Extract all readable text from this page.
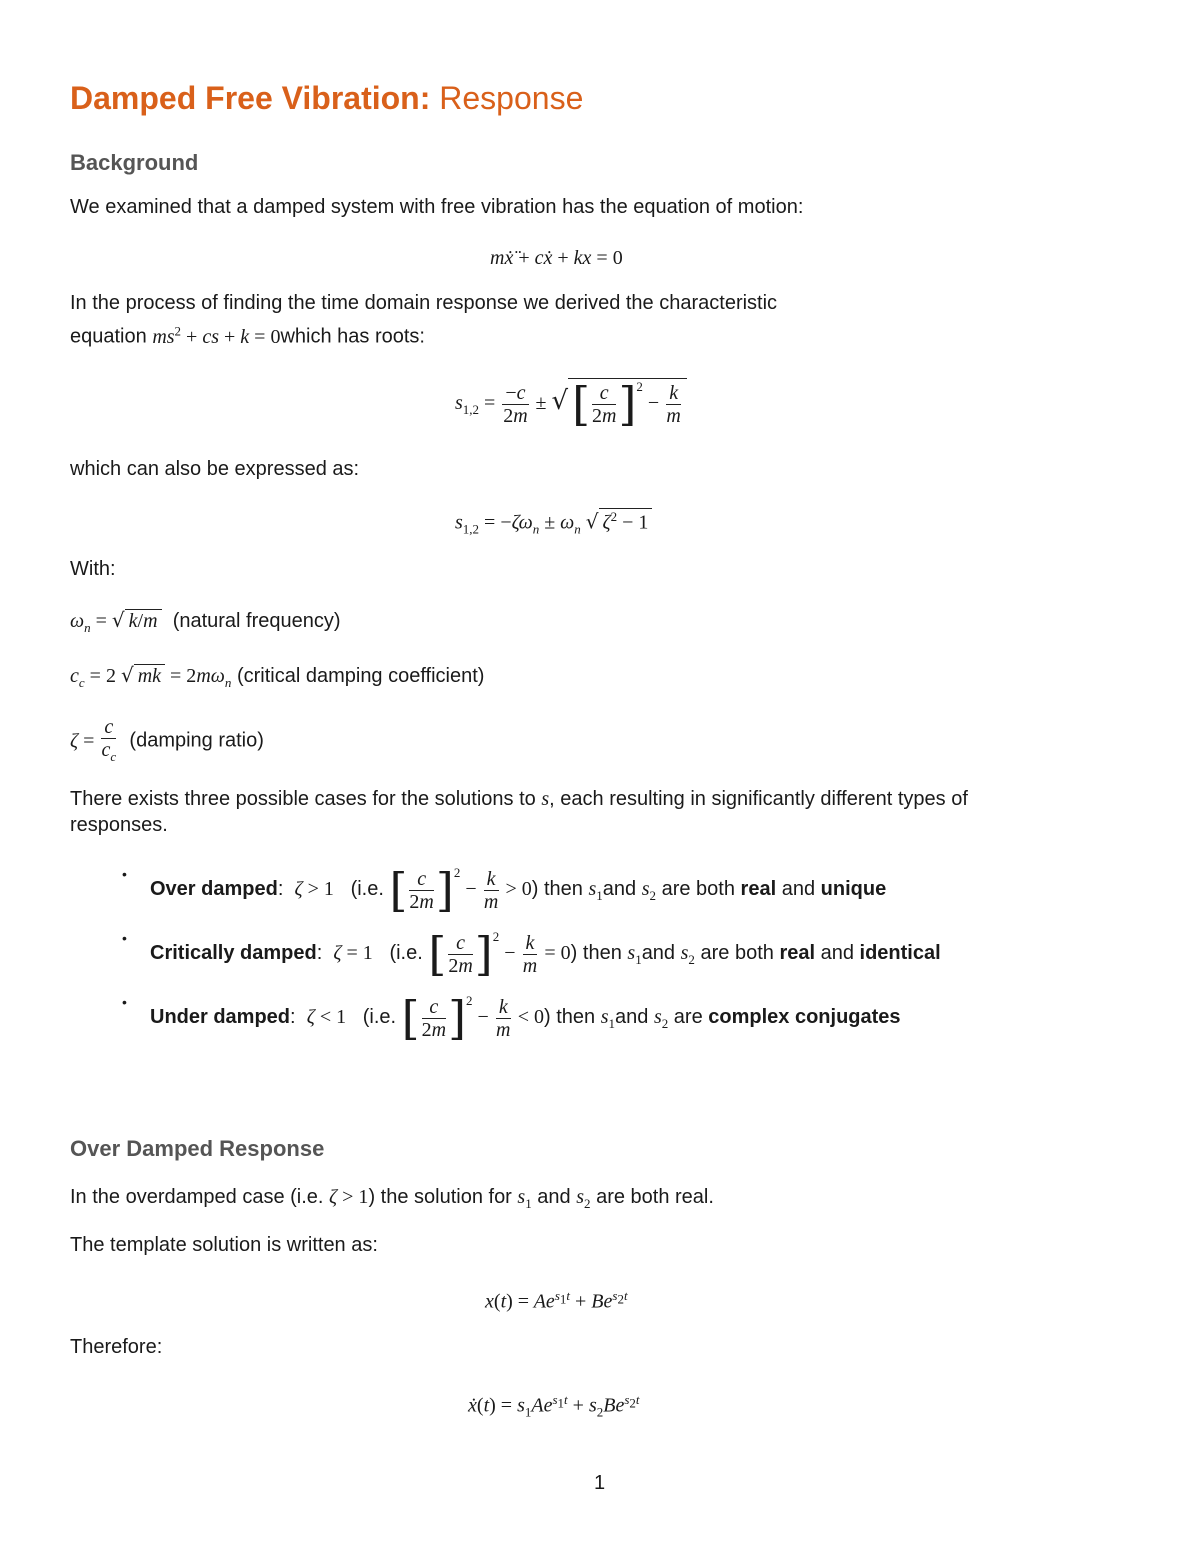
Damped Free Vibration: Response
Background
We examined that a damped system with free vibration has the equation of motion:
mẋ̈ + cẋ + kx = 0
In the process of finding the time domain response we derived the characteristic
equation $ms^2$ + cs + k = 0which has roots:
$s_{1,2} = \frac{-c}{2m}$ ± √[ $\frac{c}{2m} ]^2 - \frac{k}{m}$
which can also be expressed as:
$s_{1,2} = -\zeta\omega_n \pm \omega_n$ √ $\zeta^2 - 1$
With:
$\omega_n$ = √ k/m (natural frequency)
$c_c = 2$ √ mk = $2m\omega_n$ (critical damping coefficient)
$\zeta = \frac{c}{c_c}$ (damping ratio)
There exists three possible cases for the solutions to s, each resulting in significantly different types of
responses.
•
Over damped:  ζ > 1 (i.e. [ $\frac{c}{2m} ]^2 - \frac{k}{m} > 0$) then $s_1and$ $s_2$ are both real and unique
•
Critically damped:  ζ = 1 (i.e. [ $\frac{c}{2m} ]^2 - \frac{k}{m} = 0$) then $s_1and$ $s_2$ are both real and identical
•
Under damped:  ζ < 1 (i.e. [ $\frac{c}{2m} ]^2 - \frac{k}{m} < 0$) then $s_1and$ $s_2$ are complex conjugates
Over Damped Response
In the overdamped case (i.e. ζ > 1) the solution for $s_1$ and $s_2$ are both real.
The template solution is written as:
$x(t) = Ae^{s_1t} + Be^{s_2t}$
Therefore:
ẋ(t) = $s_1Ae^{s_1t} + s_2Be^{s_2t}$
1
